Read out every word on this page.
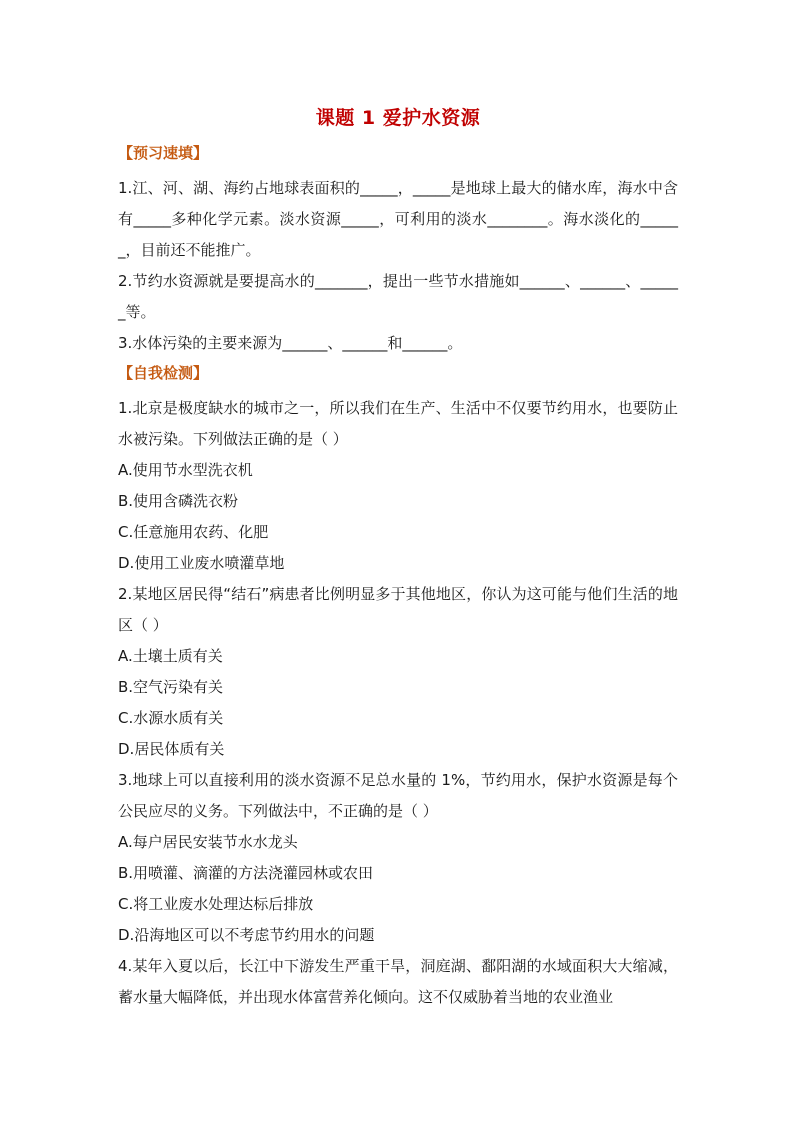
课题 1 爱护水资源
【预习速填】

1.江、河、湖、海约占地球表面积的_____，_____是地球上最大的储水库，海水中含有_____多种化学元素。淡水资源_____，可利用的淡水________。海水淡化的______，目前还不能推广。

2.节约水资源就是要提高水的_______，提出一些节水措施如______、______、______等。

3.水体污染的主要来源为______、______和______。

【自我检测】

1.北京是极度缺水的城市之一，所以我们在生产、生活中不仅要节约用水，也要防止水被污染。下列做法正确的是（ ）

A.使用节水型洗衣机

B.使用含磷洗衣粉

C.任意施用农药、化肥

D.使用工业废水喷灌草地

2.某地区居民得“结石”病患者比例明显多于其他地区，你认为这可能与他们生活的地区（ ）

A.土壤土质有关

B.空气污染有关

C.水源水质有关

D.居民体质有关

3.地球上可以直接利用的淡水资源不足总水量的 1%，节约用水，保护水资源是每个公民应尽的义务。下列做法中，不正确的是（ ）

A.每户居民安装节水水龙头

B.用喷灌、滴灌的方法浇灌园林或农田

C.将工业废水处理达标后排放

D.沿海地区可以不考虑节约用水的问题

4.某年入夏以后，长江中下游发生严重干旱，洞庭湖、鄱阳湖的水域面积大大缩减，蓄水量大幅降低，并出现水体富营养化倾向。这不仅威胁着当地的农业渔业
